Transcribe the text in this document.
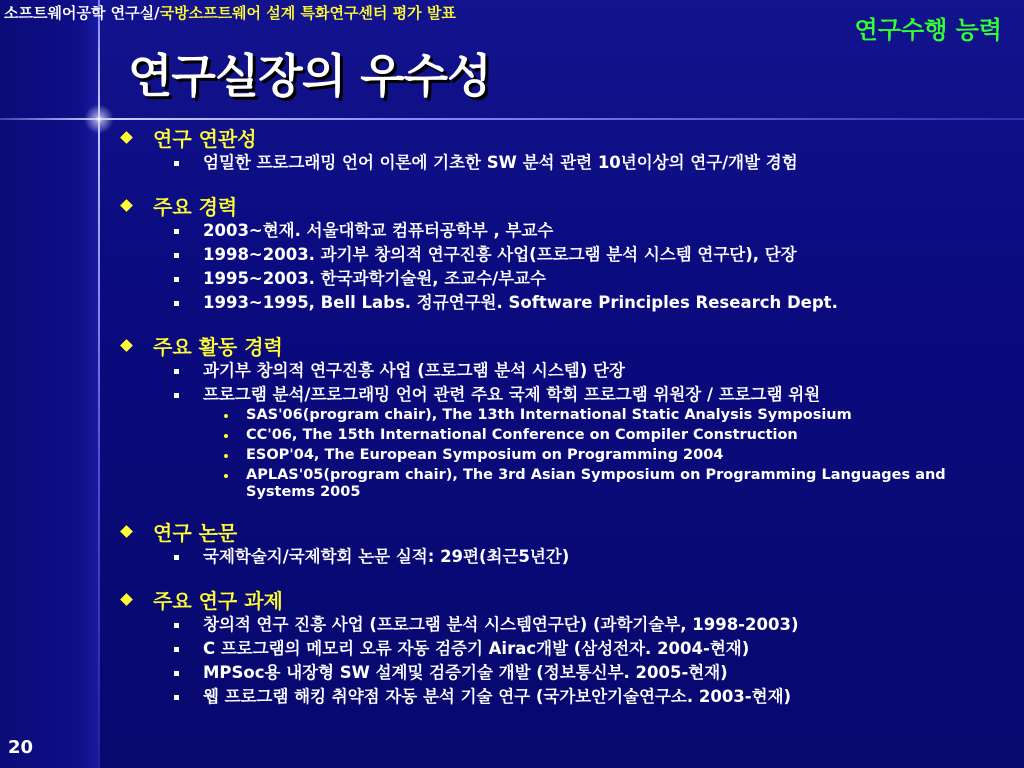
소프트웨어공학 연구실/국방소프트웨어 설계 특화연구센터 평가 발표
연구수행 능력
연구실장의 우수성
20
연구 연관성
엄밀한 프로그래밍 언어 이론에 기초한 SW 분석 관련 10년이상의 연구/개발 경험
주요 경력
2003~현재. 서울대학교 컴퓨터공학부 , 부교수
1998~2003. 과기부 창의적 연구진흥 사업(프로그램 분석 시스템 연구단), 단장
1995~2003. 한국과학기술원, 조교수/부교수
1993~1995, Bell Labs. 정규연구원. Software Principles Research Dept.
주요 활동 경력
과기부 창의적 연구진흥 사업 (프로그램 분석 시스템) 단장
프로그램 분석/프로그래밍 언어 관련 주요 국제 학회 프로그램 위원장 / 프로그램 위원
SAS'06(program chair), The 13th International Static Analysis Symposium
CC'06, The 15th International Conference on Compiler Construction
ESOP'04, The European Symposium on Programming 2004
APLAS'05(program chair), The 3rd Asian Symposium on Programming Languages and Systems 2005
연구 논문
국제학술지/국제학회 논문 실적: 29편(최근5년간)
주요 연구 과제
창의적 연구 진흥 사업 (프로그램 분석 시스템연구단) (과학기술부, 1998-2003)
C 프로그램의 메모리 오류 자동 검증기 Airac개발 (삼성전자. 2004-현재)
MPSoc용 내장형 SW 설계및 검증기술 개발 (정보통신부. 2005-현재)
웹 프로그램 해킹 취약점 자동 분석 기술 연구 (국가보안기술연구소. 2003-현재)
